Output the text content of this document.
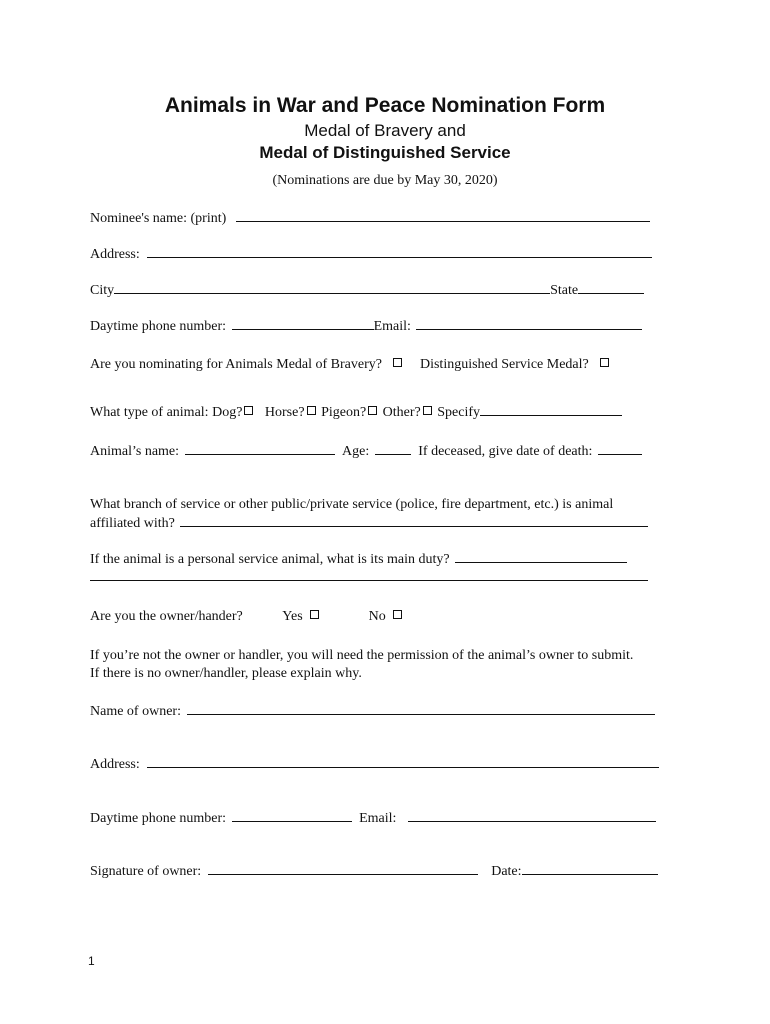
Animals in War and Peace Nomination Form
Medal of Bravery and
Medal of Distinguished Service
(Nominations are due by May 30, 2020)
Nominee's name: (print)
Address:
City	State
Daytime phone number:	Email:
Are you nominating for Animals Medal of Bravery?	Distinguished Service Medal?
What type of animal: Dog? Horse? Pigeon? Other? Specify
Animal’s name:	Age:	If deceased, give date of death:
What branch of service or other public/private service (police, fire department, etc.) is animal
affiliated with?
If the animal is a personal service animal, what is its main duty?
Are you the owner/hander?	Yes	No
If you’re not the owner or handler, you will need the permission of the animal’s owner to submit.
If there is no owner/handler, please explain why.
Name of owner:
Address:
Daytime phone number:	Email:
Signature of owner:	Date:
1
